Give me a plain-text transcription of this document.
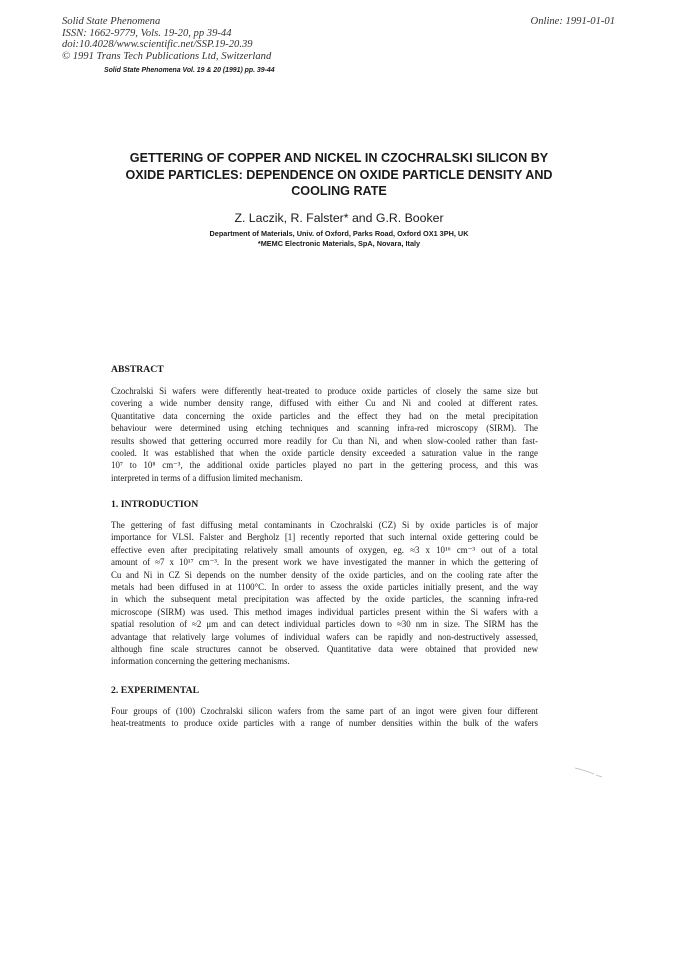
Solid State Phenomena
ISSN: 1662-9779, Vols. 19-20, pp 39-44
doi:10.4028/www.scientific.net/SSP.19-20.39
© 1991 Trans Tech Publications Ltd, Switzerland
Online: 1991-01-01
Solid State Phenomena Vol. 19 & 20 (1991) pp. 39-44
GETTERING OF COPPER AND NICKEL IN CZOCHRALSKI SILICON BY
OXIDE PARTICLES: DEPENDENCE ON OXIDE PARTICLE DENSITY AND
COOLING RATE
Z. Laczik, R. Falster* and G.R. Booker
Department of Materials, Univ. of Oxford, Parks Road, Oxford OX1 3PH, UK
*MEMC Electronic Materials, SpA, Novara, Italy
ABSTRACT
Czochralski Si wafers were differently heat-treated to produce oxide particles of closely the same size but
covering a wide number density range, diffused with either Cu and Ni and cooled at different rates.
Quantitative data concerning the oxide particles and the effect they had on the metal precipitation
behaviour were determined using etching techniques and scanning infra-red microscopy (SIRM). The
results showed that gettering occurred more readily for Cu than Ni, and when slow-cooled rather than fast-
cooled. It was established that when the oxide particle density exceeded a saturation value in the range
10⁷ to 10⁸ cm⁻³, the additional oxide particles played no part in the gettering process, and this was
interpreted in terms of a diffusion limited mechanism.
1. INTRODUCTION
The gettering of fast diffusing metal contaminants in Czochralski (CZ) Si by oxide particles is of major
importance for VLSI. Falster and Bergholz [1] recently reported that such internal oxide gettering could be
effective even after precipitating relatively small amounts of oxygen, eg. ≈3 x 10¹⁶ cm⁻³ out of a total
amount of ≈7 x 10¹⁷ cm⁻³. In the present work we have investigated the manner in which the gettering of
Cu and Ni in CZ Si depends on the number density of the oxide particles, and on the cooling rate after the
metals had been diffused in at 1100°C. In order to assess the oxide particles initially present, and the way
in which the subsequent metal precipitation was affected by the oxide particles, the scanning infra-red
microscope (SIRM) was used. This method images individual particles present within the Si wafers with a
spatial resolution of ≈2 μm and can detect individual particles down to ≈30 nm in size. The SIRM has the
advantage that relatively large volumes of individual wafers can be rapidly and non-destructively assessed,
although fine scale structures cannot be observed. Quantitative data were obtained that provided new
information concerning the gettering mechanisms.
2. EXPERIMENTAL
Four groups of (100) Czochralski silicon wafers from the same part of an ingot were given four different
heat-treatments to produce oxide particles with a range of number densities within the bulk of the wafers
